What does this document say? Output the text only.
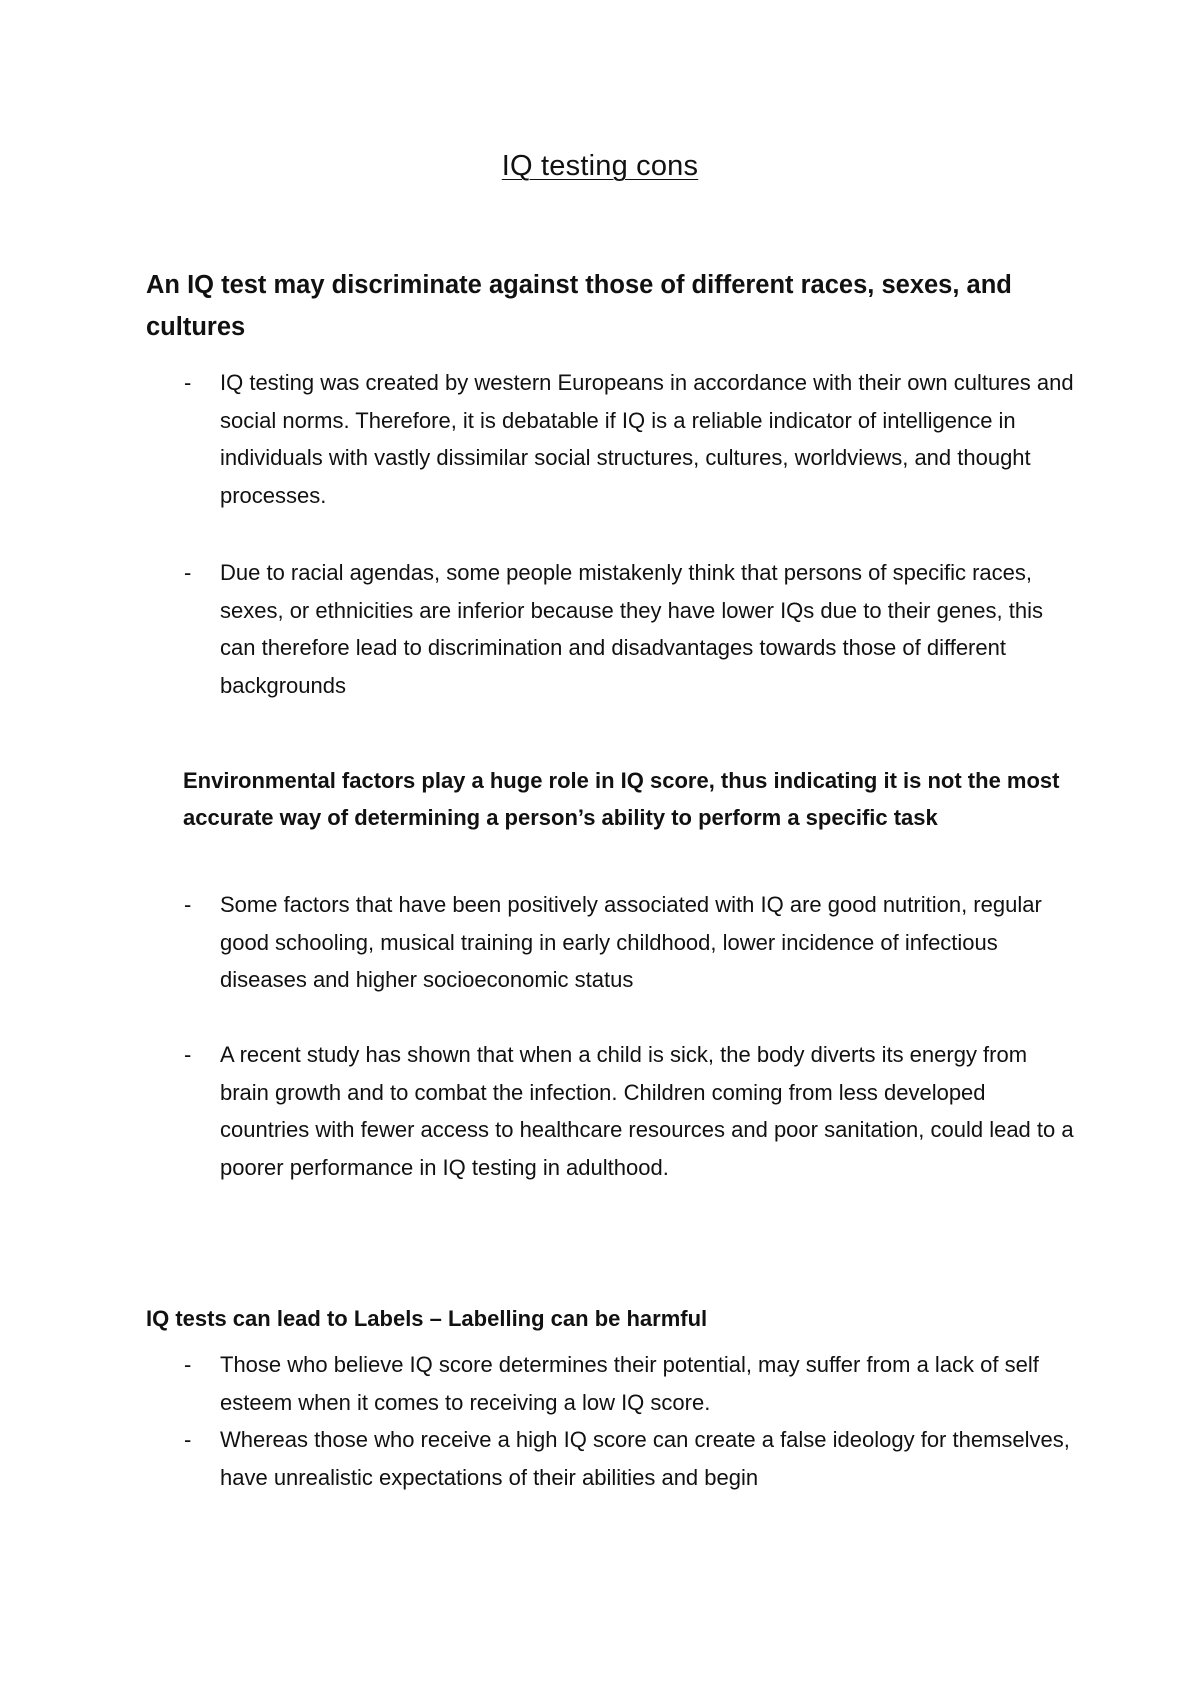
IQ testing cons
An IQ test may discriminate against those of different races, sexes, and cultures
-	IQ testing was created by western Europeans in accordance with their own cultures and social norms. Therefore, it is debatable if IQ is a reliable indicator of intelligence in individuals with vastly dissimilar social structures, cultures, worldviews, and thought processes.
-	Due to racial agendas, some people mistakenly think that persons of specific races, sexes, or ethnicities are inferior because they have lower IQs due to their genes, this can therefore lead to discrimination and disadvantages towards those of different backgrounds
Environmental factors play a huge role in IQ score, thus indicating it is not the most accurate way of determining a person’s ability to perform a specific task
-	Some factors that have been positively associated with IQ are good nutrition, regular good schooling, musical training in early childhood, lower incidence of infectious diseases and higher socioeconomic status
-	A recent study has shown that when a child is sick, the body diverts its energy from brain growth and to combat the infection. Children coming from less developed countries with fewer access to healthcare resources and poor sanitation, could lead to a poorer performance in IQ testing in adulthood.
IQ tests can lead to Labels – Labelling can be harmful
-	Those who believe IQ score determines their potential, may suffer from a lack of self esteem when it comes to receiving a low IQ score.
-	Whereas those who receive a high IQ score can create a false ideology for themselves, have unrealistic expectations of their abilities and begin
